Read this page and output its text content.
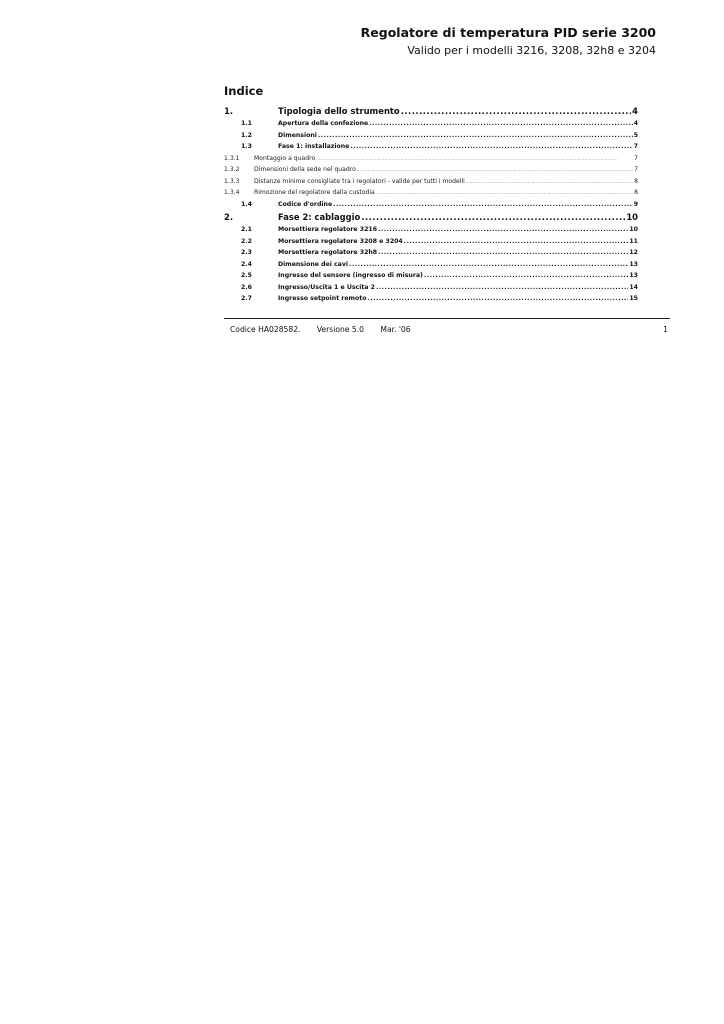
Regolatore di temperatura PID serie 3200
Valido per i modelli 3216, 3208, 32h8 e 3204
Indice
1.	Tipologia dello strumento .....	4
1.1	Apertura della confezione .....	4
1.2	Dimensioni .....	5
1.3	Fase 1: installazione .....	7
1.3.1	Montaggio a quadro .....	7
1.3.2	Dimensioni della sede nel quadro .....	7
1.3.3	Distanze minime consigliate tra i regolatori - valide per tutti i modelli .....	8
1.3.4	Rimozione del regolatore dalla custodia .....	8
1.4	Codice d'ordine .....	9
2.	Fase 2: cablaggio .....	10
2.1	Morsettiera regolatore 3216 .....	10
2.2	Morsettiera regolatore 3208 e 3204 .....	11
2.3	Morsettiera regolatore 32h8 .....	12
2.4	Dimensione dei cavi .....	13
2.5	Ingresso del sensore (ingresso di misura) .....	13
2.6	Ingresso/Uscita 1 e Uscita 2 .....	14
2.7	Ingresso setpoint remoto .....	15
Codice HA028582. Versione 5.0 Mar. '06	1
